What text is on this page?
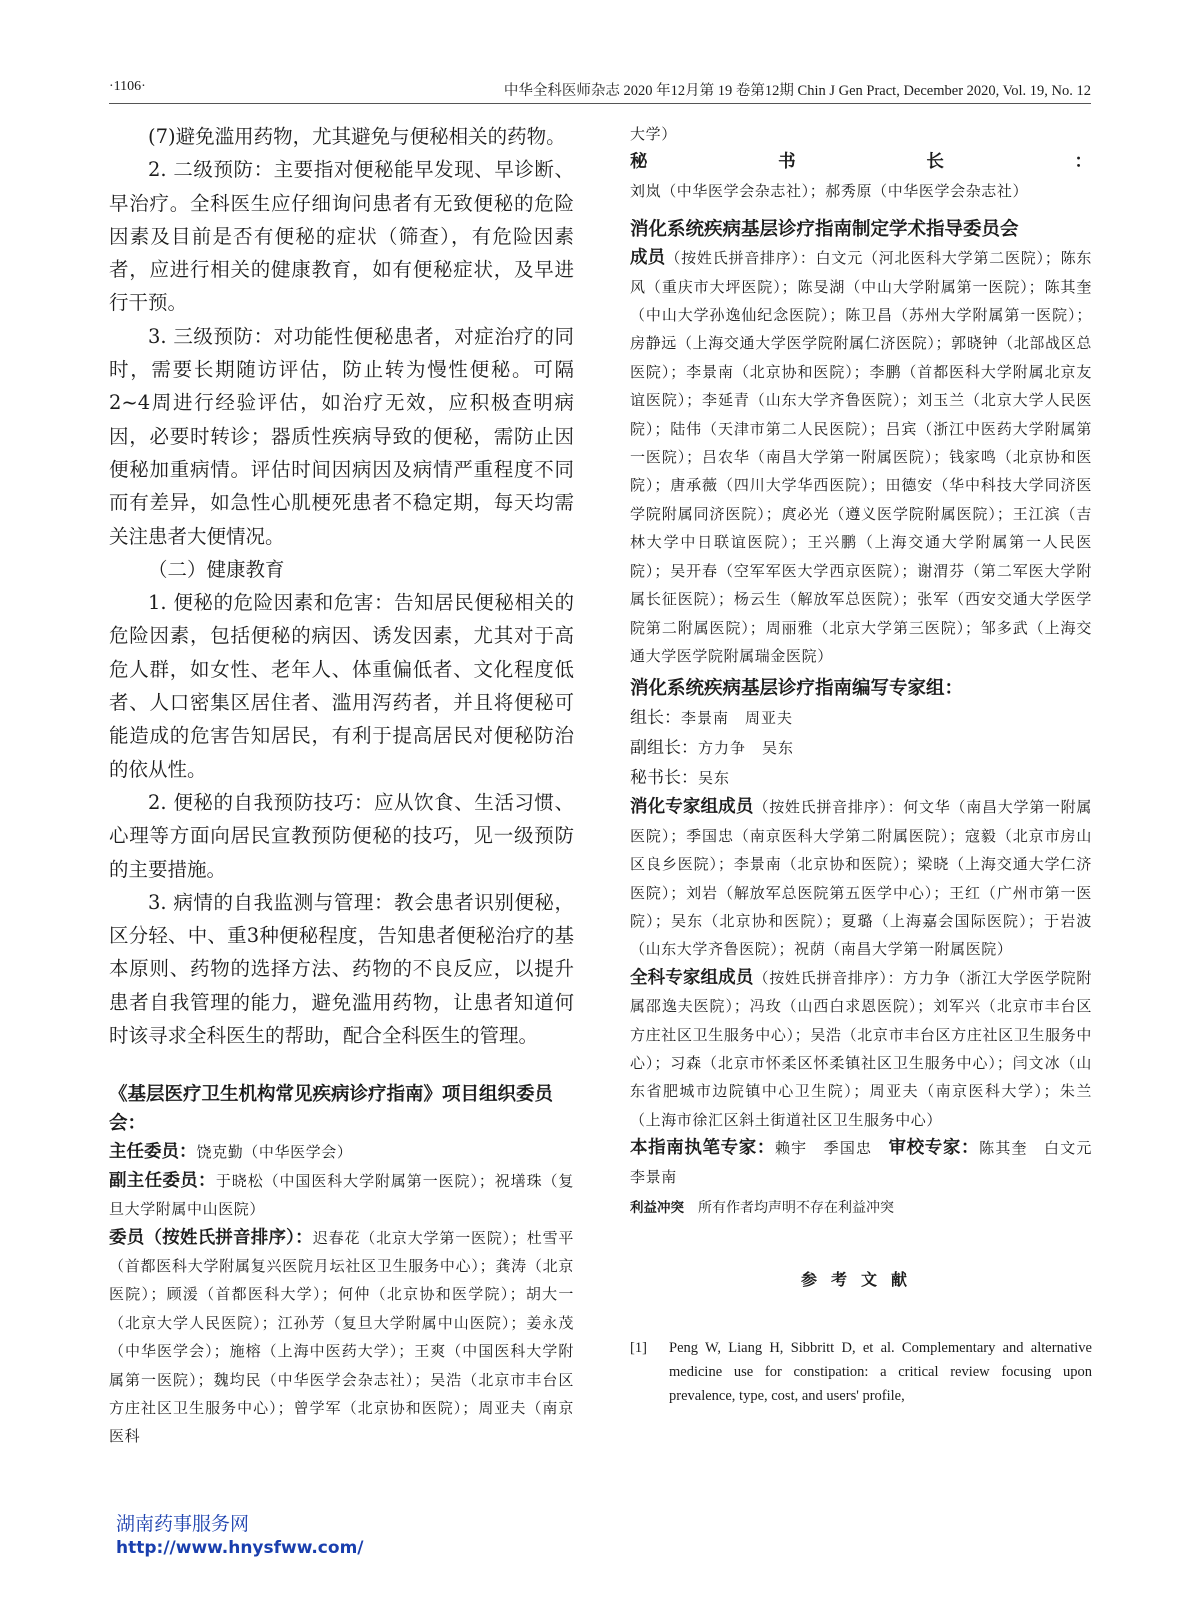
·1106·	中华全科医师杂志 2020 年12月第 19 卷第12期 Chin J Gen Pract, December 2020, Vol. 19, No. 12

(7)避免滥用药物，尤其避免与便秘相关的药物。

2. 二级预防：主要指对便秘能早发现、早诊断、早治疗。全科医生应仔细询问患者有无致便秘的危险因素及目前是否有便秘的症状（筛查），有危险因素者，应进行相关的健康教育，如有便秘症状，及早进行干预。

3. 三级预防：对功能性便秘患者，对症治疗的同时，需要长期随访评估，防止转为慢性便秘。可隔2~4周进行经验评估，如治疗无效，应积极查明病因，必要时转诊；器质性疾病导致的便秘，需防止因便秘加重病情。评估时间因病因及病情严重程度不同而有差异，如急性心肌梗死患者不稳定期，每天均需关注患者大便情况。

（二）健康教育

1. 便秘的危险因素和危害：告知居民便秘相关的危险因素，包括便秘的病因、诱发因素，尤其对于高危人群，如女性、老年人、体重偏低者、文化程度低者、人口密集区居住者、滥用泻药者，并且将便秘可能造成的危害告知居民，有利于提高居民对便秘防治的依从性。

2. 便秘的自我预防技巧：应从饮食、生活习惯、心理等方面向居民宣教预防便秘的技巧，见一级预防的主要措施。

3. 病情的自我监测与管理：教会患者识别便秘，区分轻、中、重3种便秘程度，告知患者便秘治疗的基本原则、药物的选择方法、药物的不良反应，以提升患者自我管理的能力，避免滥用药物，让患者知道何时该寻求全科医生的帮助，配合全科医生的管理。

《基层医疗卫生机构常见疾病诊疗指南》项目组织委员会：

主任委员：饶克勤（中华医学会）

副主任委员：于晓松（中国医科大学附属第一医院）；祝墡珠（复旦大学附属中山医院）

委员（按姓氏拼音排序）：迟春花（北京大学第一医院）；杜雪平（首都医科大学附属复兴医院月坛社区卫生服务中心）；龚涛（北京医院）；顾湲（首都医科大学）；何仲（北京协和医学院）；胡大一（北京大学人民医院）；江孙芳（复旦大学附属中山医院）；姜永茂（中华医学会）；施榕（上海中医药大学）；王爽（中国医科大学附属第一医院）；魏均民（中华医学会杂志社）；吴浩（北京市丰台区方庄社区卫生服务中心）；曾学军（北京协和医院）；周亚夫（南京医科

大学）

秘书长：刘岚（中华医学会杂志社）；郝秀原（中华医学会杂志社）

消化系统疾病基层诊疗指南制定学术指导委员会

成员（按姓氏拼音排序）：白文元（河北医科大学第二医院）；陈东风（重庆市大坪医院）；陈旻湖（中山大学附属第一医院）；陈其奎（中山大学孙逸仙纪念医院）；陈卫昌（苏州大学附属第一医院）；房静远（上海交通大学医学院附属仁济医院）；郭晓钟（北部战区总医院）；李景南（北京协和医院）；李鹏（首都医科大学附属北京友谊医院）；李延青（山东大学齐鲁医院）；刘玉兰（北京大学人民医院）；陆伟（天津市第二人民医院）；吕宾（浙江中医药大学附属第一医院）；吕农华（南昌大学第一附属医院）；钱家鸣（北京协和医院）；唐承薇（四川大学华西医院）；田德安（华中科技大学同济医学院附属同济医院）；庹必光（遵义医学院附属医院）；王江滨（吉林大学中日联谊医院）；王兴鹏（上海交通大学附属第一人民医院）；吴开春（空军军医大学西京医院）；谢渭芬（第二军医大学附属长征医院）；杨云生（解放军总医院）；张军（西安交通大学医学院第二附属医院）；周丽雅（北京大学第三医院）；邹多武（上海交通大学医学院附属瑞金医院）

消化系统疾病基层诊疗指南编写专家组：

组长：李景南　周亚夫

副组长：方力争　吴东

秘书长：吴东

消化专家组成员（按姓氏拼音排序）：何文华（南昌大学第一附属医院）；季国忠（南京医科大学第二附属医院）；寇毅（北京市房山区良乡医院）；李景南（北京协和医院）；梁晓（上海交通大学仁济医院）；刘岩（解放军总医院第五医学中心）；王红（广州市第一医院）；吴东（北京协和医院）；夏璐（上海嘉会国际医院）；于岩波（山东大学齐鲁医院）；祝荫（南昌大学第一附属医院）

全科专家组成员（按姓氏拼音排序）：方力争（浙江大学医学院附属邵逸夫医院）；冯玫（山西白求恩医院）；刘军兴（北京市丰台区方庄社区卫生服务中心）；吴浩（北京市丰台区方庄社区卫生服务中心）；习森（北京市怀柔区怀柔镇社区卫生服务中心）；闫文冰（山东省肥城市边院镇中心卫生院）；周亚夫（南京医科大学）；朱兰（上海市徐汇区斜土街道社区卫生服务中心）

本指南执笔专家：赖宇　季国忠　审校专家：陈其奎　白文元　李景南

利益冲突 所有作者均声明不存在利益冲突

参考文献
[1] Peng W, Liang H, Sibbritt D, et al. Complementary and alternative medicine use for constipation: a critical review focusing upon prevalence, type, cost, and users' profile,
湖南药事服务网
http://www.hnysfww.com/
